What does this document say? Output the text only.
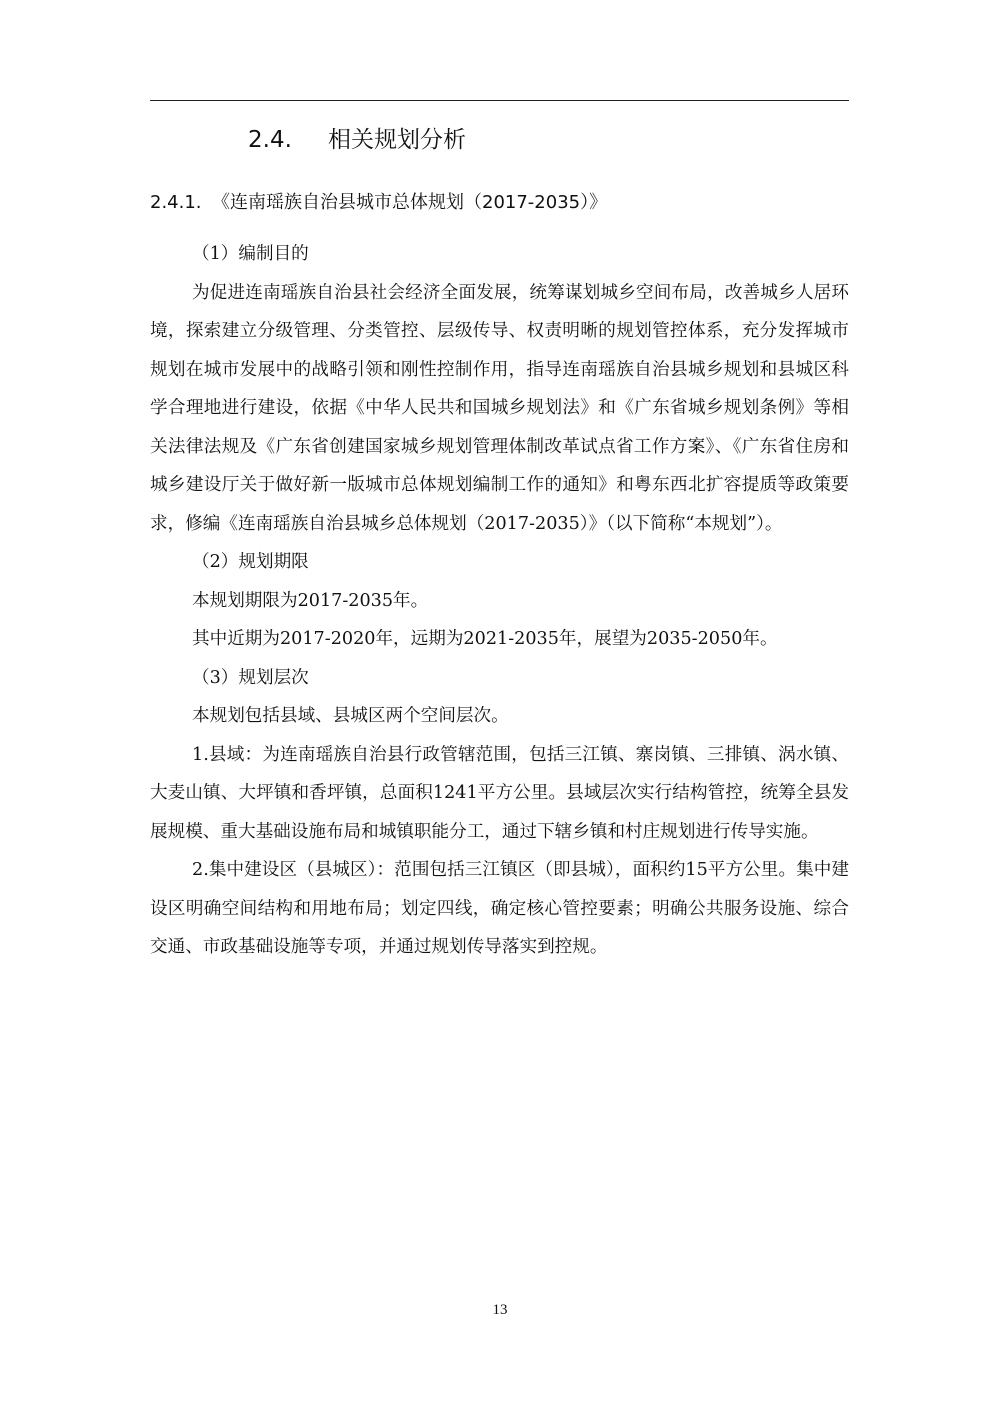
2.4. 相关规划分析
2.4.1. 《连南瑶族自治县城市总体规划（2017-2035）》

（1）编制目的

为促进连南瑶族自治县社会经济全面发展，统筹谋划城乡空间布局，改善城乡人居环境，探索建立分级管理、分类管控、层级传导、权责明晰的规划管控体系，充分发挥城市规划在城市发展中的战略引领和刚性控制作用，指导连南瑶族自治县城乡规划和县城区科学合理地进行建设，依据《中华人民共和国城乡规划法》和《广东省城乡规划条例》等相关法律法规及《广东省创建国家城乡规划管理体制改革试点省工作方案》、《广东省住房和城乡建设厅关于做好新一版城市总体规划编制工作的通知》和粤东西北扩容提质等政策要求，修编《连南瑶族自治县城乡总体规划（2017-2035）》（以下简称“本规划”）。

（2）规划期限

本规划期限为2017-2035年。

其中近期为2017-2020年，远期为2021-2035年，展望为2035-2050年。

（3）规划层次

本规划包括县域、县城区两个空间层次。

1.县域：为连南瑶族自治县行政管辖范围，包括三江镇、寨岗镇、三排镇、涡水镇、大麦山镇、大坪镇和香坪镇，总面积1241平方公里。县域层次实行结构管控，统筹全县发展规模、重大基础设施布局和城镇职能分工，通过下辖乡镇和村庄规划进行传导实施。

2.集中建设区（县城区）：范围包括三江镇区（即县城），面积约15平方公里。集中建设区明确空间结构和用地布局；划定四线，确定核心管控要素；明确公共服务设施、综合交通、市政基础设施等专项，并通过规划传导落实到控规。

13
